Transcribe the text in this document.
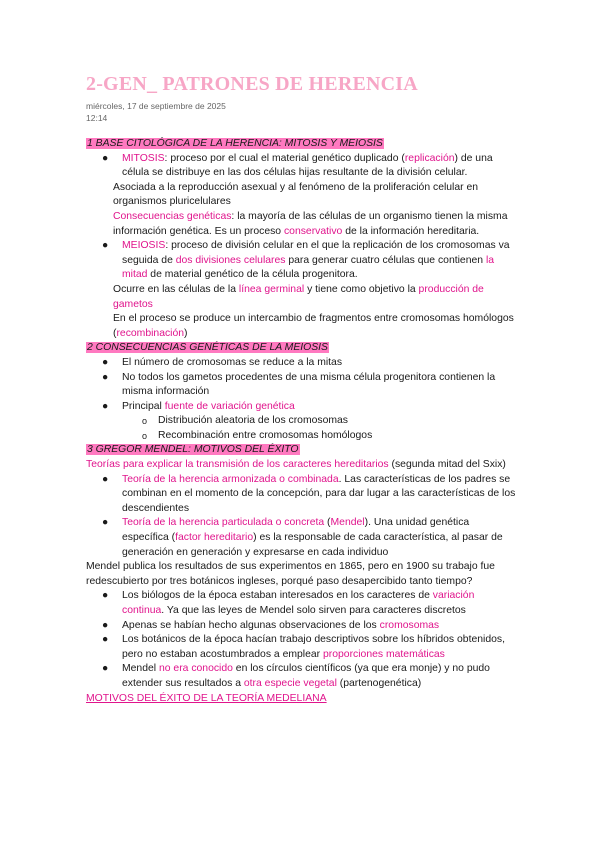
2-GEN_ PATRONES DE HERENCIA
miércoles, 17 de septiembre de 2025
12:14

1 BASE CITOLÓGICA DE LA HERENCIA: MITOSIS Y MEIOSIS

● MITOSIS: proceso por el cual el material genético duplicado (replicación) de una célula se distribuye en las dos células hijas resultante de la división celular.

Asociada a la reproducción asexual y al fenómeno de la proliferación celular en organismos pluricelulares

Consecuencias genéticas: la mayoría de las células de un organismo tienen la misma información genética. Es un proceso conservativo de la información hereditaria.

● MEIOSIS: proceso de división celular en el que la replicación de los cromosomas va seguida de dos divisiones celulares para generar cuatro células que contienen la mitad de material genético de la célula progenitora.

Ocurre en las células de la línea germinal y tiene como objetivo la producción de gametos

En el proceso se produce un intercambio de fragmentos entre cromosomas homólogos (recombinación)

2 CONSECUENCIAS GENÉTICAS DE LA MEIOSIS

● El número de cromosomas se reduce a la mitas
● No todos los gametos procedentes de una misma célula progenitora contienen la misma información
● Principal fuente de variación genética
o Distribución aleatoria de los cromosomas
o Recombinación entre cromosomas homólogos

3 GREGOR MENDEL: MOTIVOS DEL ÉXITO

Teorías para explicar la transmisión de los caracteres hereditarios (segunda mitad del Sxix)

● Teoría de la herencia armonizada o combinada. Las características de los padres se combinan en el momento de la concepción, para dar lugar a las características de los descendientes
● Teoría de la herencia particulada o concreta (Mendel). Una unidad genética específica (factor hereditario) es la responsable de cada característica, al pasar de generación en generación y expresarse en cada individuo

Mendel publica los resultados de sus experimentos en 1865, pero en 1900 su trabajo fue redescubierto por tres botánicos ingleses, porqué paso desapercibido tanto tiempo?

● Los biólogos de la época estaban interesados en los caracteres de variación continua. Ya que las leyes de Mendel solo sirven para caracteres discretos
● Apenas se habían hecho algunas observaciones de los cromosomas
● Los botánicos de la época hacían trabajo descriptivos sobre los híbridos obtenidos, pero no estaban acostumbrados a emplear proporciones matemáticas
● Mendel no era conocido en los círculos científicos (ya que era monje) y no pudo extender sus resultados a otra especie vegetal (partenogenética)

MOTIVOS DEL ÉXITO DE LA TEORÍA MEDELIANA
